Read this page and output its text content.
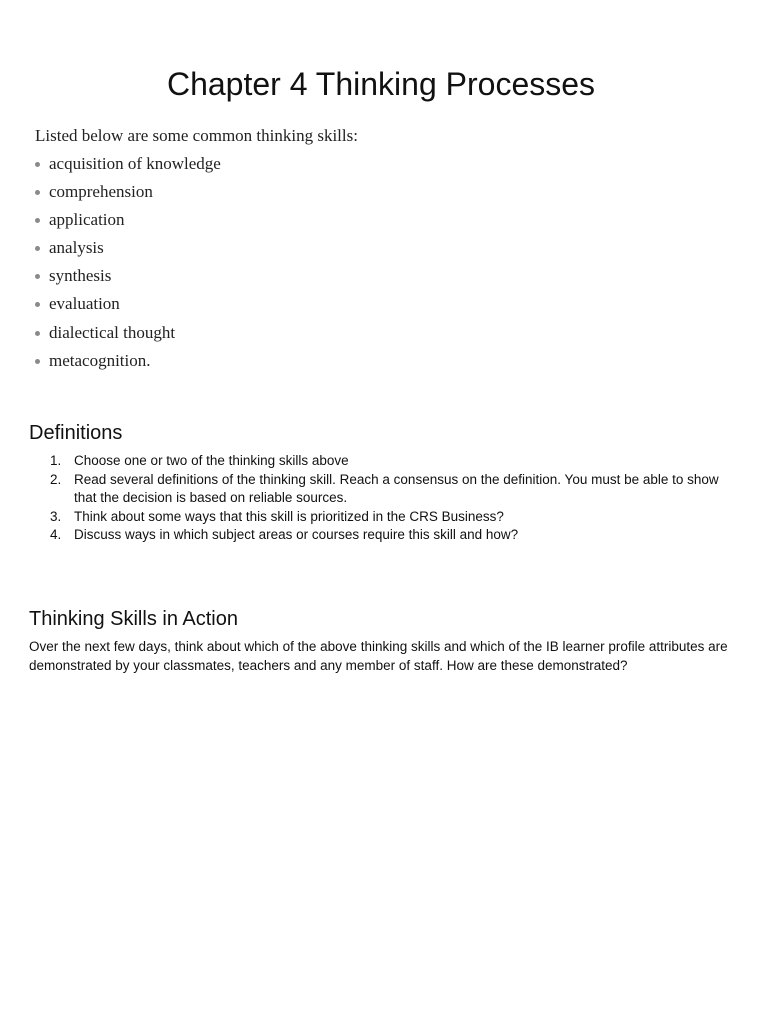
Chapter 4 Thinking Processes

Listed below are some common thinking skills:

acquisition of knowledge
comprehension
application
analysis
synthesis
evaluation
dialectical thought
metacognition.
Definitions
1. Choose one or two of the thinking skills above
2. Read several definitions of the thinking skill. Reach a consensus on the definition. You must be able to show that the decision is based on reliable sources.
3. Think about some ways that this skill is prioritized in the CRS Business?
4. Discuss ways in which subject areas or courses require this skill and how?
Thinking Skills in Action

Over the next few days, think about which of the above thinking skills and which of the IB learner profile attributes are demonstrated by your classmates, teachers and any member of staff. How are these demonstrated?
